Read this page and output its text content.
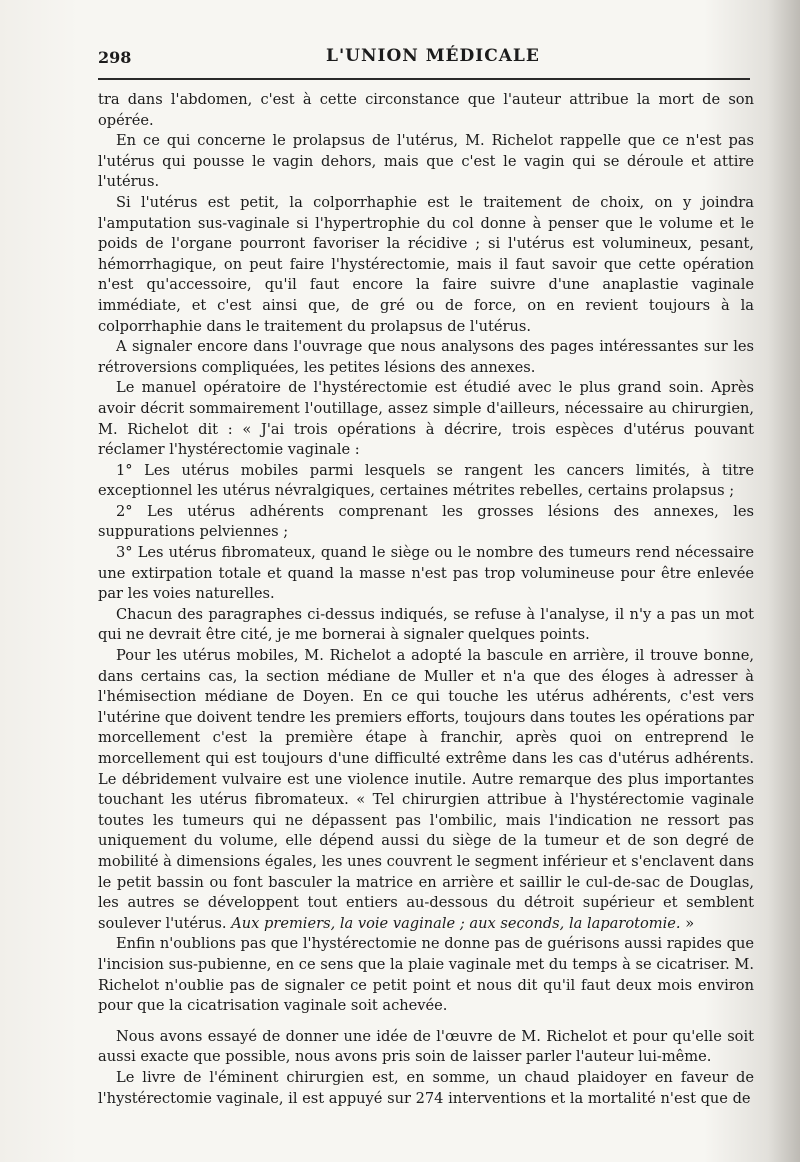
298	L'UNION MÉDICALE

tra dans l'abdomen, c'est à cette circonstance que l'auteur attribue la mort de son opérée.

En ce qui concerne le prolapsus de l'utérus, M. Richelot rappelle que ce n'est pas l'utérus qui pousse le vagin dehors, mais que c'est le vagin qui se déroule et attire l'utérus.

Si l'utérus est petit, la colporrhaphie est le traitement de choix, on y joindra l'amputation sus-vaginale si l'hypertrophie du col donne à penser que le volume et le poids de l'organe pourront favoriser la récidive ; si l'utérus est volumineux, pesant, hémorrhagique, on peut faire l'hystérectomie, mais il faut savoir que cette opération n'est qu'accessoire, qu'il faut encore la faire suivre d'une anaplastie vaginale immédiate, et c'est ainsi que, de gré ou de force, on en revient toujours à la colporrhaphie dans le traitement du prolapsus de l'utérus.

A signaler encore dans l'ouvrage que nous analysons des pages intéressantes sur les rétroversions compliquées, les petites lésions des annexes.

Le manuel opératoire de l'hystérectomie est étudié avec le plus grand soin. Après avoir décrit sommairement l'outillage, assez simple d'ailleurs, nécessaire au chirurgien, M. Richelot dit : « J'ai trois opérations à décrire, trois espèces d'utérus pouvant réclamer l'hystérectomie vaginale :

1° Les utérus mobiles parmi lesquels se rangent les cancers limités, à titre exceptionnel les utérus névralgiques, certaines métrites rebelles, certains prolapsus ;

2° Les utérus adhérents comprenant les grosses lésions des annexes, les suppurations pelviennes ;

3° Les utérus fibromateux, quand le siège ou le nombre des tumeurs rend nécessaire une extirpation totale et quand la masse n'est pas trop volumineuse pour être enlevée par les voies naturelles.

Chacun des paragraphes ci-dessus indiqués, se refuse à l'analyse, il n'y a pas un mot qui ne devrait être cité, je me bornerai à signaler quelques points.

Pour les utérus mobiles, M. Richelot a adopté la bascule en arrière, il trouve bonne, dans certains cas, la section médiane de Muller et n'a que des éloges à adresser à l'hémisection médiane de Doyen. En ce qui touche les utérus adhérents, c'est vers l'utérine que doivent tendre les premiers efforts, toujours dans toutes les opérations par morcellement c'est la première étape à franchir, après quoi on entreprend le morcellement qui est toujours d'une difficulté extrême dans les cas d'utérus adhérents. Le débridement vulvaire est une violence inutile. Autre remarque des plus importantes touchant les utérus fibromateux. « Tel chirurgien attribue à l'hystérectomie vaginale toutes les tumeurs qui ne dépassent pas l'ombilic, mais l'indication ne ressort pas uniquement du volume, elle dépend aussi du siège de la tumeur et de son degré de mobilité à dimensions égales, les unes couvrent le segment inférieur et s'enclavent dans le petit bassin ou font basculer la matrice en arrière et saillir le cul-de-sac de Douglas, les autres se développent tout entiers au-dessous du détroit supérieur et semblent soulever l'utérus. Aux premiers, la voie vaginale ; aux seconds, la laparotomie. »

Enfin n'oublions pas que l'hystérectomie ne donne pas de guérisons aussi rapides que l'incision sus-pubienne, en ce sens que la plaie vaginale met du temps à se cicatriser. M. Richelot n'oublie pas de signaler ce petit point et nous dit qu'il faut deux mois environ pour que la cicatrisation vaginale soit achevée.

Nous avons essayé de donner une idée de l'œuvre de M. Richelot et pour qu'elle soit aussi exacte que possible, nous avons pris soin de laisser parler l'auteur lui-même.

Le livre de l'éminent chirurgien est, en somme, un chaud plaidoyer en faveur de l'hystérectomie vaginale, il est appuyé sur 274 interventions et la mortalité n'est que de
